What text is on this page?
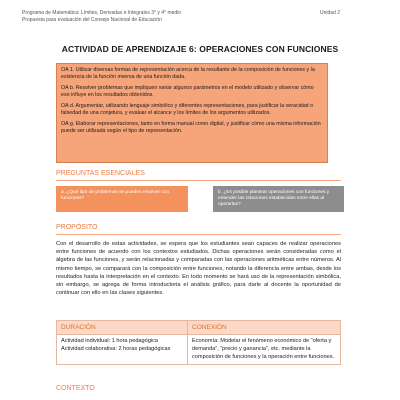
Programa de Matemática: Límites, Derivadas e Integrales 3° y 4° medio
Propuesta para evaluación del Consejo Nacional de Educación
Unidad 2
ACTIVIDAD DE APRENDIZAJE 6: OPERACIONES CON FUNCIONES

OA 1. Utilizar diversas formas de representación acerca de la resultante de la composición de funciones y la existencia de la función inversa de una función dada.

OA b. Resolver problemas que impliquen variar algunos parámetros en el modelo utilizado y observar cómo eso influye en los resultados obtenidos.

OA d. Argumentar, utilizando lenguaje simbólico y diferentes representaciones, para justificar la veracidad o falsedad de una conjetura, y evaluar el alcance y los límites de los argumentos utilizados.

OA g. Elaborar representaciones, tanto en forma manual como digital, y justificar cómo una misma información puede ser utilizada según el tipo de representación.

PREGUNTAS ESENCIALES
a. ¿Qué tipo de problemas se pueden resolver con funciones?
b. ¿Es posible plantear operaciones con funciones y entender las relaciones establecidas entre ellas al operarlas?
PROPÓSITO
Con el desarrollo de estas actividades, se espera que los estudiantes sean capaces de realizar operaciones entre funciones de acuerdo con los contextos estudiados. Dichas operaciones serán consideradas como el álgebra de las funciones, y serán relacionadas y comparadas con las operaciones aritméticas entre números. Al mismo tiempo, se comparará con la composición entre funciones, notando la diferencia entre ambas, desde los resultados hasta la interpretación en el contexto. En todo momento se hará uso de la representación simbólica, sin embargo, se agrega de forma introductoria el análisis gráfico, para darle al docente la oportunidad de continuar con ello en las clases siguientes.
DURACIÓN	CONEXIÓN

Actividad individual: 1 hora pedagógica
Actividad colaborativa: 2 horas pedagógicas	Economía: Modelar el fenómeno económico de “oferta y demanda”, “precio y ganancia”, etc. mediante la composición de funciones y la operación entre funciones.
CONTEXTO
